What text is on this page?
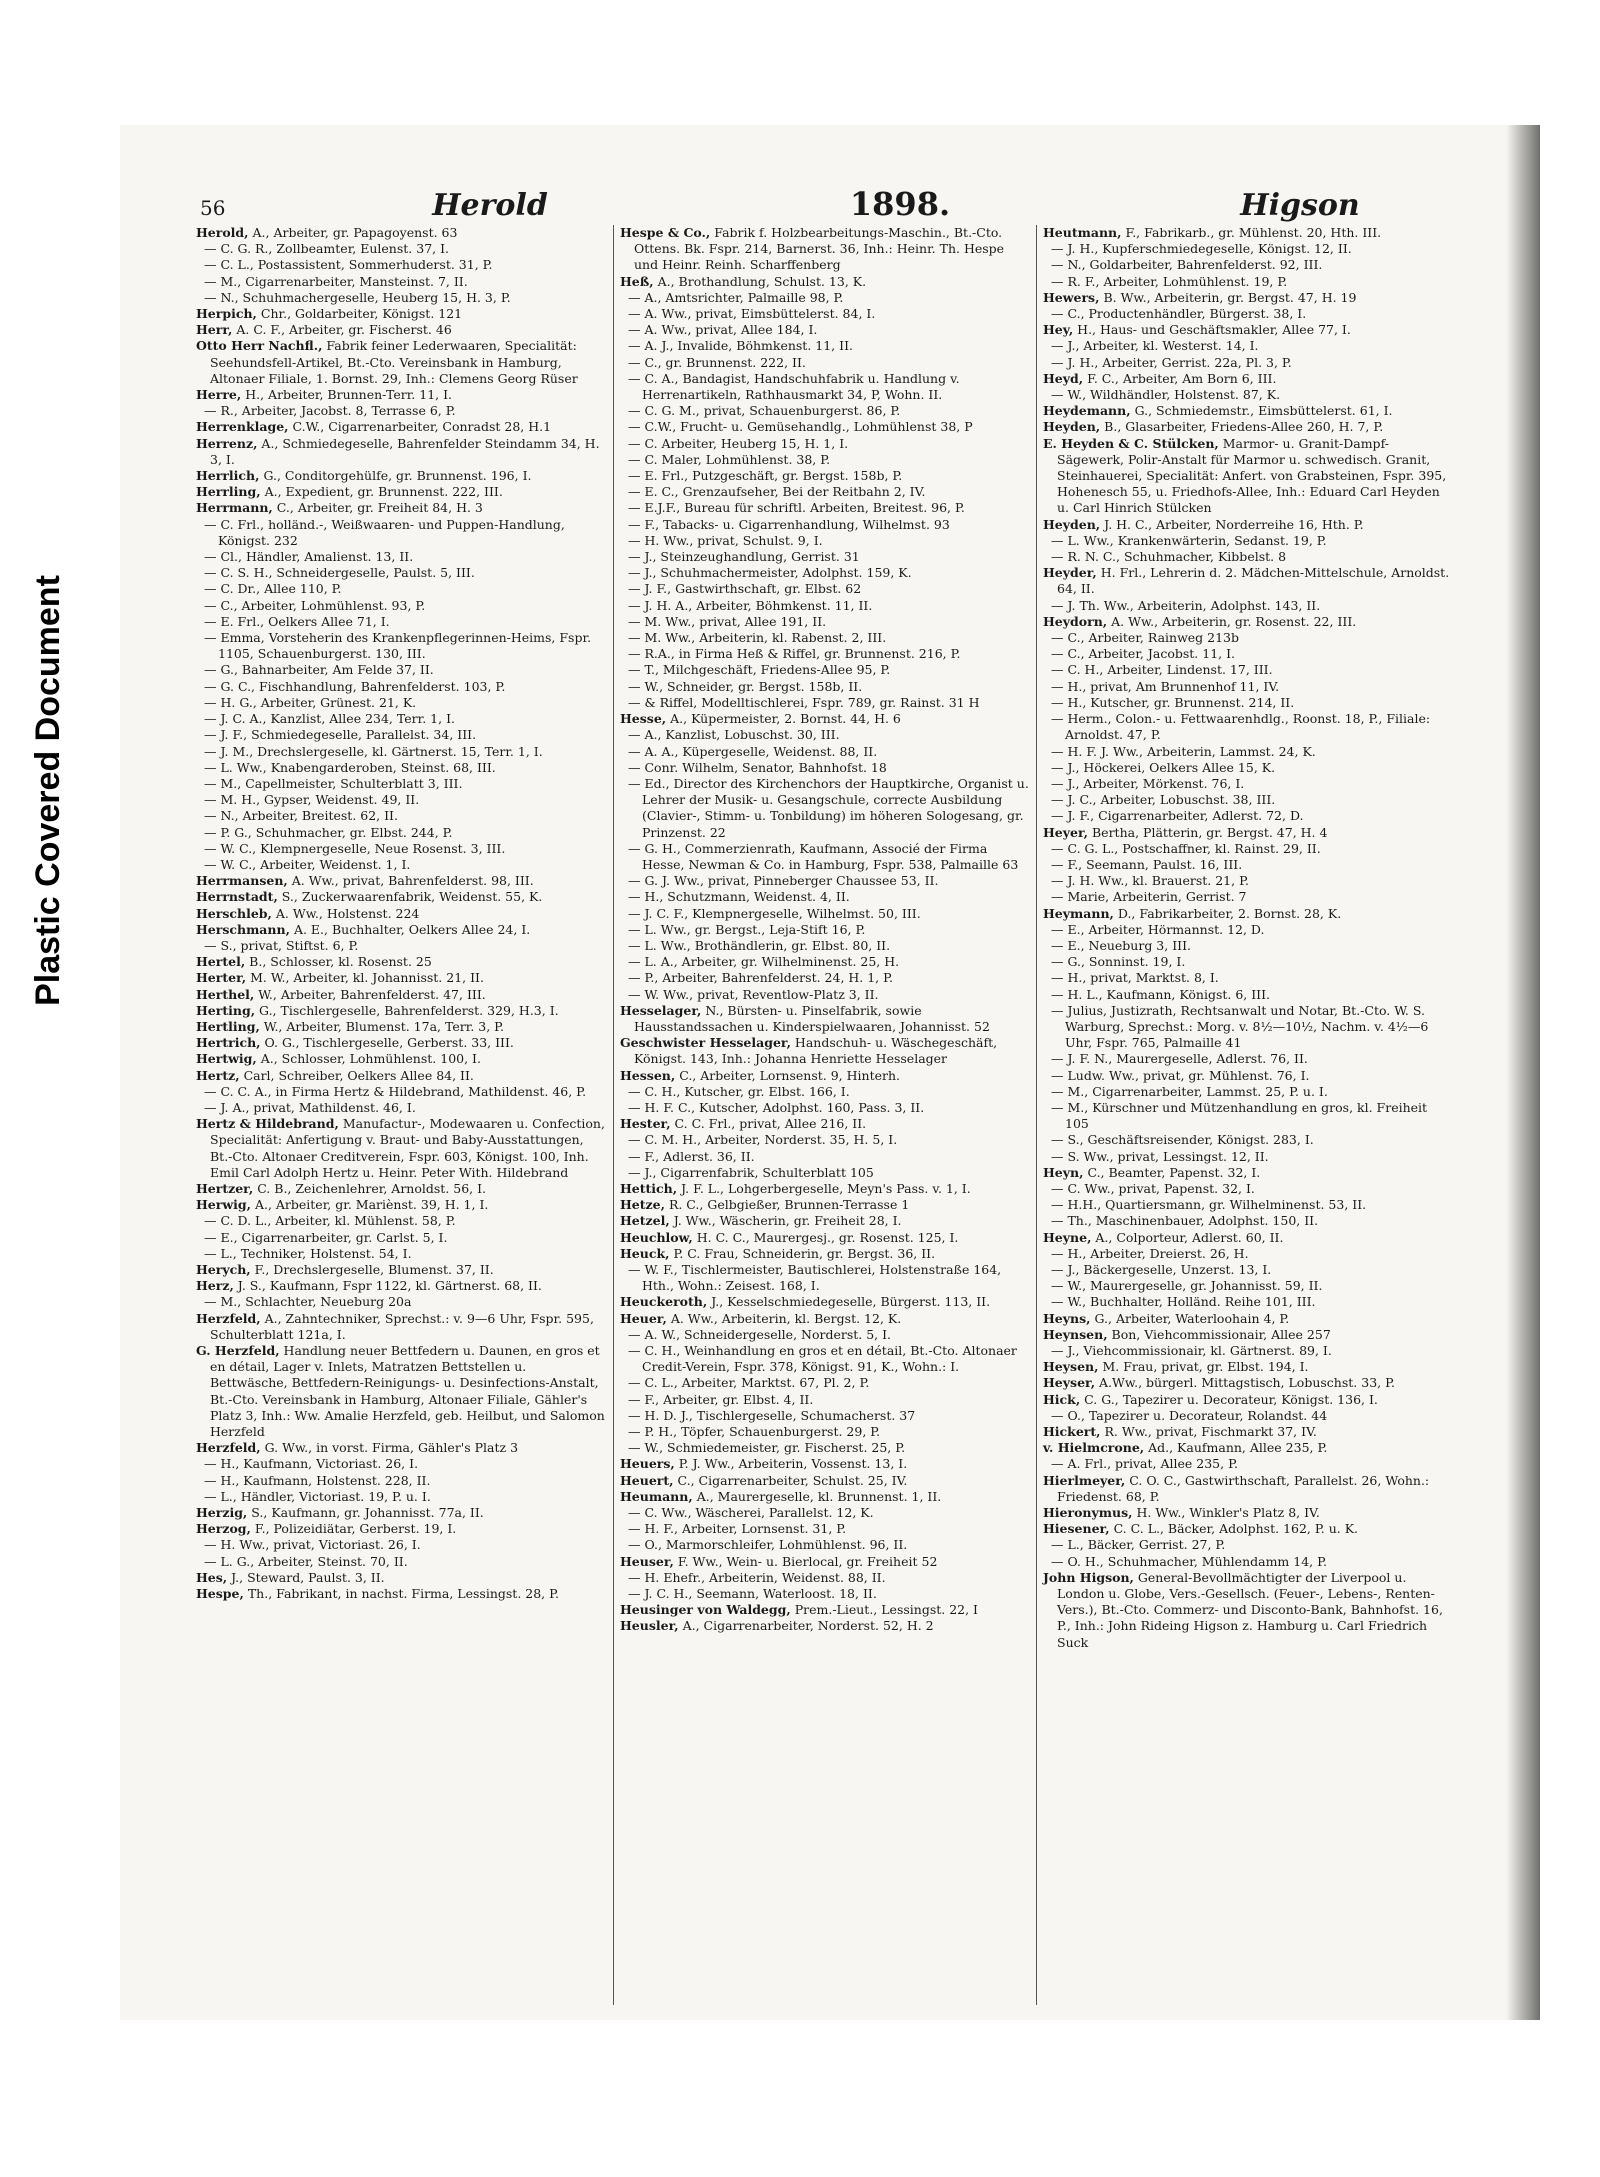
Plastic Covered Document
56	Herold	1898.	Higson

Herold, A., Arbeiter, gr. Papagoyenst. 63

— C. G. R., Zollbeamter, Eulenst. 37, I.

— C. L., Postassistent, Sommerhuderst. 31, P.

— M., Cigarrenarbeiter, Mansteinst. 7, II.

— N., Schuhmachergeselle, Heuberg 15, H. 3, P.

Herpich, Chr., Goldarbeiter, Königst. 121

Herr, A. C. F., Arbeiter, gr. Fischerst. 46

Otto Herr Nachfl., Fabrik feiner Lederwaaren, Specialität: Seehundsfell-Artikel, Bt.-Cto. Vereinsbank in Hamburg, Altonaer Filiale, 1. Bornst. 29, Inh.: Clemens Georg Rüser

Herre, H., Arbeiter, Brunnen-Terr. 11, I.

— R., Arbeiter, Jacobst. 8, Terrasse 6, P.

Herrenklage, C.W., Cigarrenarbeiter, Conradst 28, H.1

Herrenz, A., Schmiedegeselle, Bahrenfelder Steindamm 34, H. 3, I.

Herrlich, G., Conditorgehülfe, gr. Brunnenst. 196, I.

Herrling, A., Expedient, gr. Brunnenst. 222, III.

Herrmann, C., Arbeiter, gr. Freiheit 84, H. 3

— C. Frl., holländ.-, Weißwaaren- und Puppen-Handlung, Königst. 232

— Cl., Händler, Amalienst. 13, II.

— C. S. H., Schneidergeselle, Paulst. 5, III.

— C. Dr., Allee 110, P.

— C., Arbeiter, Lohmühlenst. 93, P.

— E. Frl., Oelkers Allee 71, I.

— Emma, Vorsteherin des Krankenpflegerinnen-Heims, Fspr. 1105, Schauenburgerst. 130, III.

— G., Bahnarbeiter, Am Felde 37, II.

— G. C., Fischhandlung, Bahrenfelderst. 103, P.

— H. G., Arbeiter, Grünest. 21, K.

— J. C. A., Kanzlist, Allee 234, Terr. 1, I.

— J. F., Schmiedegeselle, Parallelst. 34, III.

— J. M., Drechslergeselle, kl. Gärtnerst. 15, Terr. 1, I.

— L. Ww., Knabengarderoben, Steinst. 68, III.

— M., Capellmeister, Schulterblatt 3, III.

— M. H., Gypser, Weidenst. 49, II.

— N., Arbeiter, Breitest. 62, II.

— P. G., Schuhmacher, gr. Elbst. 244, P.

— W. C., Klempnergeselle, Neue Rosenst. 3, III.

— W. C., Arbeiter, Weidenst. 1, I.

Herrmansen, A. Ww., privat, Bahrenfelderst. 98, III.

Herrnstadt, S., Zuckerwaarenfabrik, Weidenst. 55, K.

Herschleb, A. Ww., Holstenst. 224

Herschmann, A. E., Buchhalter, Oelkers Allee 24, I.

— S., privat, Stiftst. 6, P.

Hertel, B., Schlosser, kl. Rosenst. 25

Herter, M. W., Arbeiter, kl. Johannisst. 21, II.

Herthel, W., Arbeiter, Bahrenfelderst. 47, III.

Herting, G., Tischlergeselle, Bahrenfelderst. 329, H.3, I.

Hertling, W., Arbeiter, Blumenst. 17a, Terr. 3, P.

Hertrich, O. G., Tischlergeselle, Gerberst. 33, III.

Hertwig, A., Schlosser, Lohmühlenst. 100, I.

Hertz, Carl, Schreiber, Oelkers Allee 84, II.

— C. C. A., in Firma Hertz & Hildebrand, Mathildenst. 46, P.

— J. A., privat, Mathildenst. 46, I.

Hertz & Hildebrand, Manufactur-, Modewaaren u. Confection, Specialität: Anfertigung v. Braut- und Baby-Ausstattungen, Bt.-Cto. Altonaer Creditverein, Fspr. 603, Königst. 100, Inh. Emil Carl Adolph Hertz u. Heinr. Peter With. Hildebrand

Hertzer, C. B., Zeichenlehrer, Arnoldst. 56, I.

Herwig, A., Arbeiter, gr. Mariènst. 39, H. 1, I.

— C. D. L., Arbeiter, kl. Mühlenst. 58, P.

— E., Cigarrenarbeiter, gr. Carlst. 5, I.

— L., Techniker, Holstenst. 54, I.

Herych, F., Drechslergeselle, Blumenst. 37, II.

Herz, J. S., Kaufmann, Fspr 1122, kl. Gärtnerst. 68, II.

— M., Schlachter, Neueburg 20a

Herzfeld, A., Zahntechniker, Sprechst.: v. 9—6 Uhr, Fspr. 595, Schulterblatt 121a, I.

G. Herzfeld, Handlung neuer Bettfedern u. Daunen, en gros et en détail, Lager v. Inlets, Matratzen Bettstellen u. Bettwäsche, Bettfedern-Reinigungs- u. Desinfections-Anstalt, Bt.-Cto. Vereinsbank in Hamburg, Altonaer Filiale, Gähler's Platz 3, Inh.: Ww. Amalie Herzfeld, geb. Heilbut, und Salomon Herzfeld

Herzfeld, G. Ww., in vorst. Firma, Gähler's Platz 3

— H., Kaufmann, Victoriast. 26, I.

— H., Kaufmann, Holstenst. 228, II.

— L., Händler, Victoriast. 19, P. u. I.

Herzig, S., Kaufmann, gr. Johannisst. 77a, II.

Herzog, F., Polizeidiätar, Gerberst. 19, I.

— H. Ww., privat, Victoriast. 26, I.

— L. G., Arbeiter, Steinst. 70, II.

Hes, J., Steward, Paulst. 3, II.

Hespe, Th., Fabrikant, in nachst. Firma, Lessingst. 28, P.

Hespe & Co., Fabrik f. Holzbearbeitungs-Maschin., Bt.-Cto. Ottens. Bk. Fspr. 214, Barnerst. 36, Inh.: Heinr. Th. Hespe und Heinr. Reinh. Scharffenberg

Heß, A., Brothandlung, Schulst. 13, K.

— A., Amtsrichter, Palmaille 98, P.

— A. Ww., privat, Eimsbüttelerst. 84, I.

— A. Ww., privat, Allee 184, I.

— A. J., Invalide, Böhmkenst. 11, II.

— C., gr. Brunnenst. 222, II.

— C. A., Bandagist, Handschuhfabrik u. Handlung v. Herrenartikeln, Rathhausmarkt 34, P, Wohn. II.

— C. G. M., privat, Schauenburgerst. 86, P.

— C.W., Frucht- u. Gemüsehandlg., Lohmühlenst 38, P

— C. Arbeiter, Heuberg 15, H. 1, I.

— C. Maler, Lohmühlenst. 38, P.

— E. Frl., Putzgeschäft, gr. Bergst. 158b, P.

— E. C., Grenzaufseher, Bei der Reitbahn 2, IV.

— E.J.F., Bureau für schriftl. Arbeiten, Breitest. 96, P.

— F., Tabacks- u. Cigarrenhandlung, Wilhelmst. 93

— H. Ww., privat, Schulst. 9, I.

— J., Steinzeughandlung, Gerrist. 31

— J., Schuhmachermeister, Adolphst. 159, K.

— J. F., Gastwirthschaft, gr. Elbst. 62

— J. H. A., Arbeiter, Böhmkenst. 11, II.

— M. Ww., privat, Allee 191, II.

— M. Ww., Arbeiterin, kl. Rabenst. 2, III.

— R.A., in Firma Heß & Riffel, gr. Brunnenst. 216, P.

— T., Milchgeschäft, Friedens-Allee 95, P.

— W., Schneider, gr. Bergst. 158b, II.

— & Riffel, Modelltischlerei, Fspr. 789, gr. Rainst. 31 H

Hesse, A., Küpermeister, 2. Bornst. 44, H. 6

— A., Kanzlist, Lobuschst. 30, III.

— A. A., Küpergeselle, Weidenst. 88, II.

— Conr. Wilhelm, Senator, Bahnhofst. 18

— Ed., Director des Kirchenchors der Hauptkirche, Organist u. Lehrer der Musik- u. Gesangschule, correcte Ausbildung (Clavier-, Stimm- u. Tonbildung) im höheren Sologesang, gr. Prinzenst. 22

— G. H., Commerzienrath, Kaufmann, Associé der Firma Hesse, Newman & Co. in Hamburg, Fspr. 538, Palmaille 63

— G. J. Ww., privat, Pinneberger Chaussee 53, II.

— H., Schutzmann, Weidenst. 4, II.

— J. C. F., Klempnergeselle, Wilhelmst. 50, III.

— L. Ww., gr. Bergst., Leja-Stift 16, P.

— L. Ww., Brothändlerin, gr. Elbst. 80, II.

— L. A., Arbeiter, gr. Wilhelminenst. 25, H.

— P., Arbeiter, Bahrenfelderst. 24, H. 1, P.

— W. Ww., privat, Reventlow-Platz 3, II.

Hesselager, N., Bürsten- u. Pinselfabrik, sowie Hausstandssachen u. Kinderspielwaaren, Johannisst. 52

Geschwister Hesselager, Handschuh- u. Wäschegeschäft, Königst. 143, Inh.: Johanna Henriette Hesselager

Hessen, C., Arbeiter, Lornsenst. 9, Hinterh.

— C. H., Kutscher, gr. Elbst. 166, I.

— H. F. C., Kutscher, Adolphst. 160, Pass. 3, II.

Hester, C. C. Frl., privat, Allee 216, II.

— C. M. H., Arbeiter, Norderst. 35, H. 5, I.

— F., Adlerst. 36, II.

— J., Cigarrenfabrik, Schulterblatt 105

Hettich, J. F. L., Lohgerbergeselle, Meyn's Pass. v. 1, I.

Hetze, R. C., Gelbgießer, Brunnen-Terrasse 1

Hetzel, J. Ww., Wäscherin, gr. Freiheit 28, I.

Heuchlow, H. C. C., Maurergesj., gr. Rosenst. 125, I.

Heuck, P. C. Frau, Schneiderin, gr. Bergst. 36, II.

— W. F., Tischlermeister, Bautischlerei, Holstenstraße 164, Hth., Wohn.: Zeisest. 168, I.

Heuckeroth, J., Kesselschmiedegeselle, Bürgerst. 113, II.

Heuer, A. Ww., Arbeiterin, kl. Bergst. 12, K.

— A. W., Schneidergeselle, Norderst. 5, I.

— C. H., Weinhandlung en gros et en détail, Bt.-Cto. Altonaer Credit-Verein, Fspr. 378, Königst. 91, K., Wohn.: I.

— C. L., Arbeiter, Marktst. 67, Pl. 2, P.

— F., Arbeiter, gr. Elbst. 4, II.

— H. D. J., Tischlergeselle, Schumacherst. 37

— P. H., Töpfer, Schauenburgerst. 29, P.

— W., Schmiedemeister, gr. Fischerst. 25, P.

Heuers, P. J. Ww., Arbeiterin, Vossenst. 13, I.

Heuert, C., Cigarrenarbeiter, Schulst. 25, IV.

Heumann, A., Maurergeselle, kl. Brunnenst. 1, II.

— C. Ww., Wäscherei, Parallelst. 12, K.

— H. F., Arbeiter, Lornsenst. 31, P.

— O., Marmorschleifer, Lohmühlenst. 96, II.

Heuser, F. Ww., Wein- u. Bierlocal, gr. Freiheit 52

— H. Ehefr., Arbeiterin, Weidenst. 88, II.

— J. C. H., Seemann, Waterloost. 18, II.

Heusinger von Waldegg, Prem.-Lieut., Lessingst. 22, I

Heusler, A., Cigarrenarbeiter, Norderst. 52, H. 2

Heutmann, F., Fabrikarb., gr. Mühlenst. 20, Hth. III.

— J. H., Kupferschmiedegeselle, Königst. 12, II.

— N., Goldarbeiter, Bahrenfelderst. 92, III.

— R. F., Arbeiter, Lohmühlenst. 19, P.

Hewers, B. Ww., Arbeiterin, gr. Bergst. 47, H. 19

— C., Productenhändler, Bürgerst. 38, I.

Hey, H., Haus- und Geschäftsmakler, Allee 77, I.

— J., Arbeiter, kl. Westerst. 14, I.

— J. H., Arbeiter, Gerrist. 22a, Pl. 3, P.

Heyd, F. C., Arbeiter, Am Born 6, III.

— W., Wildhändler, Holstenst. 87, K.

Heydemann, G., Schmiedemstr., Eimsbüttelerst. 61, I.

Heyden, B., Glasarbeiter, Friedens-Allee 260, H. 7, P.

E. Heyden & C. Stülcken, Marmor- u. Granit-Dampf-Sägewerk, Polir-Anstalt für Marmor u. schwedisch. Granit, Steinhauerei, Specialität: Anfert. von Grabsteinen, Fspr. 395, Hohenesch 55, u. Friedhofs-Allee, Inh.: Eduard Carl Heyden u. Carl Hinrich Stülcken

Heyden, J. H. C., Arbeiter, Norderreihe 16, Hth. P.

— L. Ww., Krankenwärterin, Sedanst. 19, P.

— R. N. C., Schuhmacher, Kibbelst. 8

Heyder, H. Frl., Lehrerin d. 2. Mädchen-Mittelschule, Arnoldst. 64, II.

— J. Th. Ww., Arbeiterin, Adolphst. 143, II.

Heydorn, A. Ww., Arbeiterin, gr. Rosenst. 22, III.

— C., Arbeiter, Rainweg 213b

— C., Arbeiter, Jacobst. 11, I.

— C. H., Arbeiter, Lindenst. 17, III.

— H., privat, Am Brunnenhof 11, IV.

— H., Kutscher, gr. Brunnenst. 214, II.

— Herm., Colon.- u. Fettwaarenhdlg., Roonst. 18, P., Filiale: Arnoldst. 47, P.

— H. F. J. Ww., Arbeiterin, Lammst. 24, K.

— J., Höckerei, Oelkers Allee 15, K.

— J., Arbeiter, Mörkenst. 76, I.

— J. C., Arbeiter, Lobuschst. 38, III.

— J. F., Cigarrenarbeiter, Adlerst. 72, D.

Heyer, Bertha, Plätterin, gr. Bergst. 47, H. 4

— C. G. L., Postschaffner, kl. Rainst. 29, II.

— F., Seemann, Paulst. 16, III.

— J. H. Ww., kl. Brauerst. 21, P.

— Marie, Arbeiterin, Gerrist. 7

Heymann, D., Fabrikarbeiter, 2. Bornst. 28, K.

— E., Arbeiter, Hörmannst. 12, D.

— E., Neueburg 3, III.

— G., Sonninst. 19, I.

— H., privat, Marktst. 8, I.

— H. L., Kaufmann, Königst. 6, III.

— Julius, Justizrath, Rechtsanwalt und Notar, Bt.-Cto. W. S. Warburg, Sprechst.: Morg. v. 8½—10½, Nachm. v. 4½—6 Uhr, Fspr. 765, Palmaille 41

— J. F. N., Maurergeselle, Adlerst. 76, II.

— Ludw. Ww., privat, gr. Mühlenst. 76, I.

— M., Cigarrenarbeiter, Lammst. 25, P. u. I.

— M., Kürschner und Mützenhandlung en gros, kl. Freiheit 105

— S., Geschäftsreisender, Königst. 283, I.

— S. Ww., privat, Lessingst. 12, II.

Heyn, C., Beamter, Papenst. 32, I.

— C. Ww., privat, Papenst. 32, I.

— H.H., Quartiersmann, gr. Wilhelminenst. 53, II.

— Th., Maschinenbauer, Adolphst. 150, II.

Heyne, A., Colporteur, Adlerst. 60, II.

— H., Arbeiter, Dreierst. 26, H.

— J., Bäckergeselle, Unzerst. 13, I.

— W., Maurergeselle, gr. Johannisst. 59, II.

— W., Buchhalter, Holländ. Reihe 101, III.

Heyns, G., Arbeiter, Waterloohain 4, P.

Heynsen, Bon, Viehcommissionair, Allee 257

— J., Viehcommissionair, kl. Gärtnerst. 89, I.

Heysen, M. Frau, privat, gr. Elbst. 194, I.

Heyser, A.Ww., bürgerl. Mittagstisch, Lobuschst. 33, P.

Hick, C. G., Tapezirer u. Decorateur, Königst. 136, I.

— O., Tapezirer u. Decorateur, Rolandst. 44

Hickert, R. Ww., privat, Fischmarkt 37, IV.

v. Hielmcrone, Ad., Kaufmann, Allee 235, P.

— A. Frl., privat, Allee 235, P.

Hierlmeyer, C. O. C., Gastwirthschaft, Parallelst. 26, Wohn.: Friedenst. 68, P.

Hieronymus, H. Ww., Winkler's Platz 8, IV.

Hiesener, C. C. L., Bäcker, Adolphst. 162, P. u. K.

— L., Bäcker, Gerrist. 27, P.

— O. H., Schuhmacher, Mühlendamm 14, P.

John Higson, General-Bevollmächtigter der Liverpool u. London u. Globe, Vers.-Gesellsch. (Feuer-, Lebens-, Renten-Vers.), Bt.-Cto. Commerz- und Disconto-Bank, Bahnhofst. 16, P., Inh.: John Rideing Higson z. Hamburg u. Carl Friedrich Suck
